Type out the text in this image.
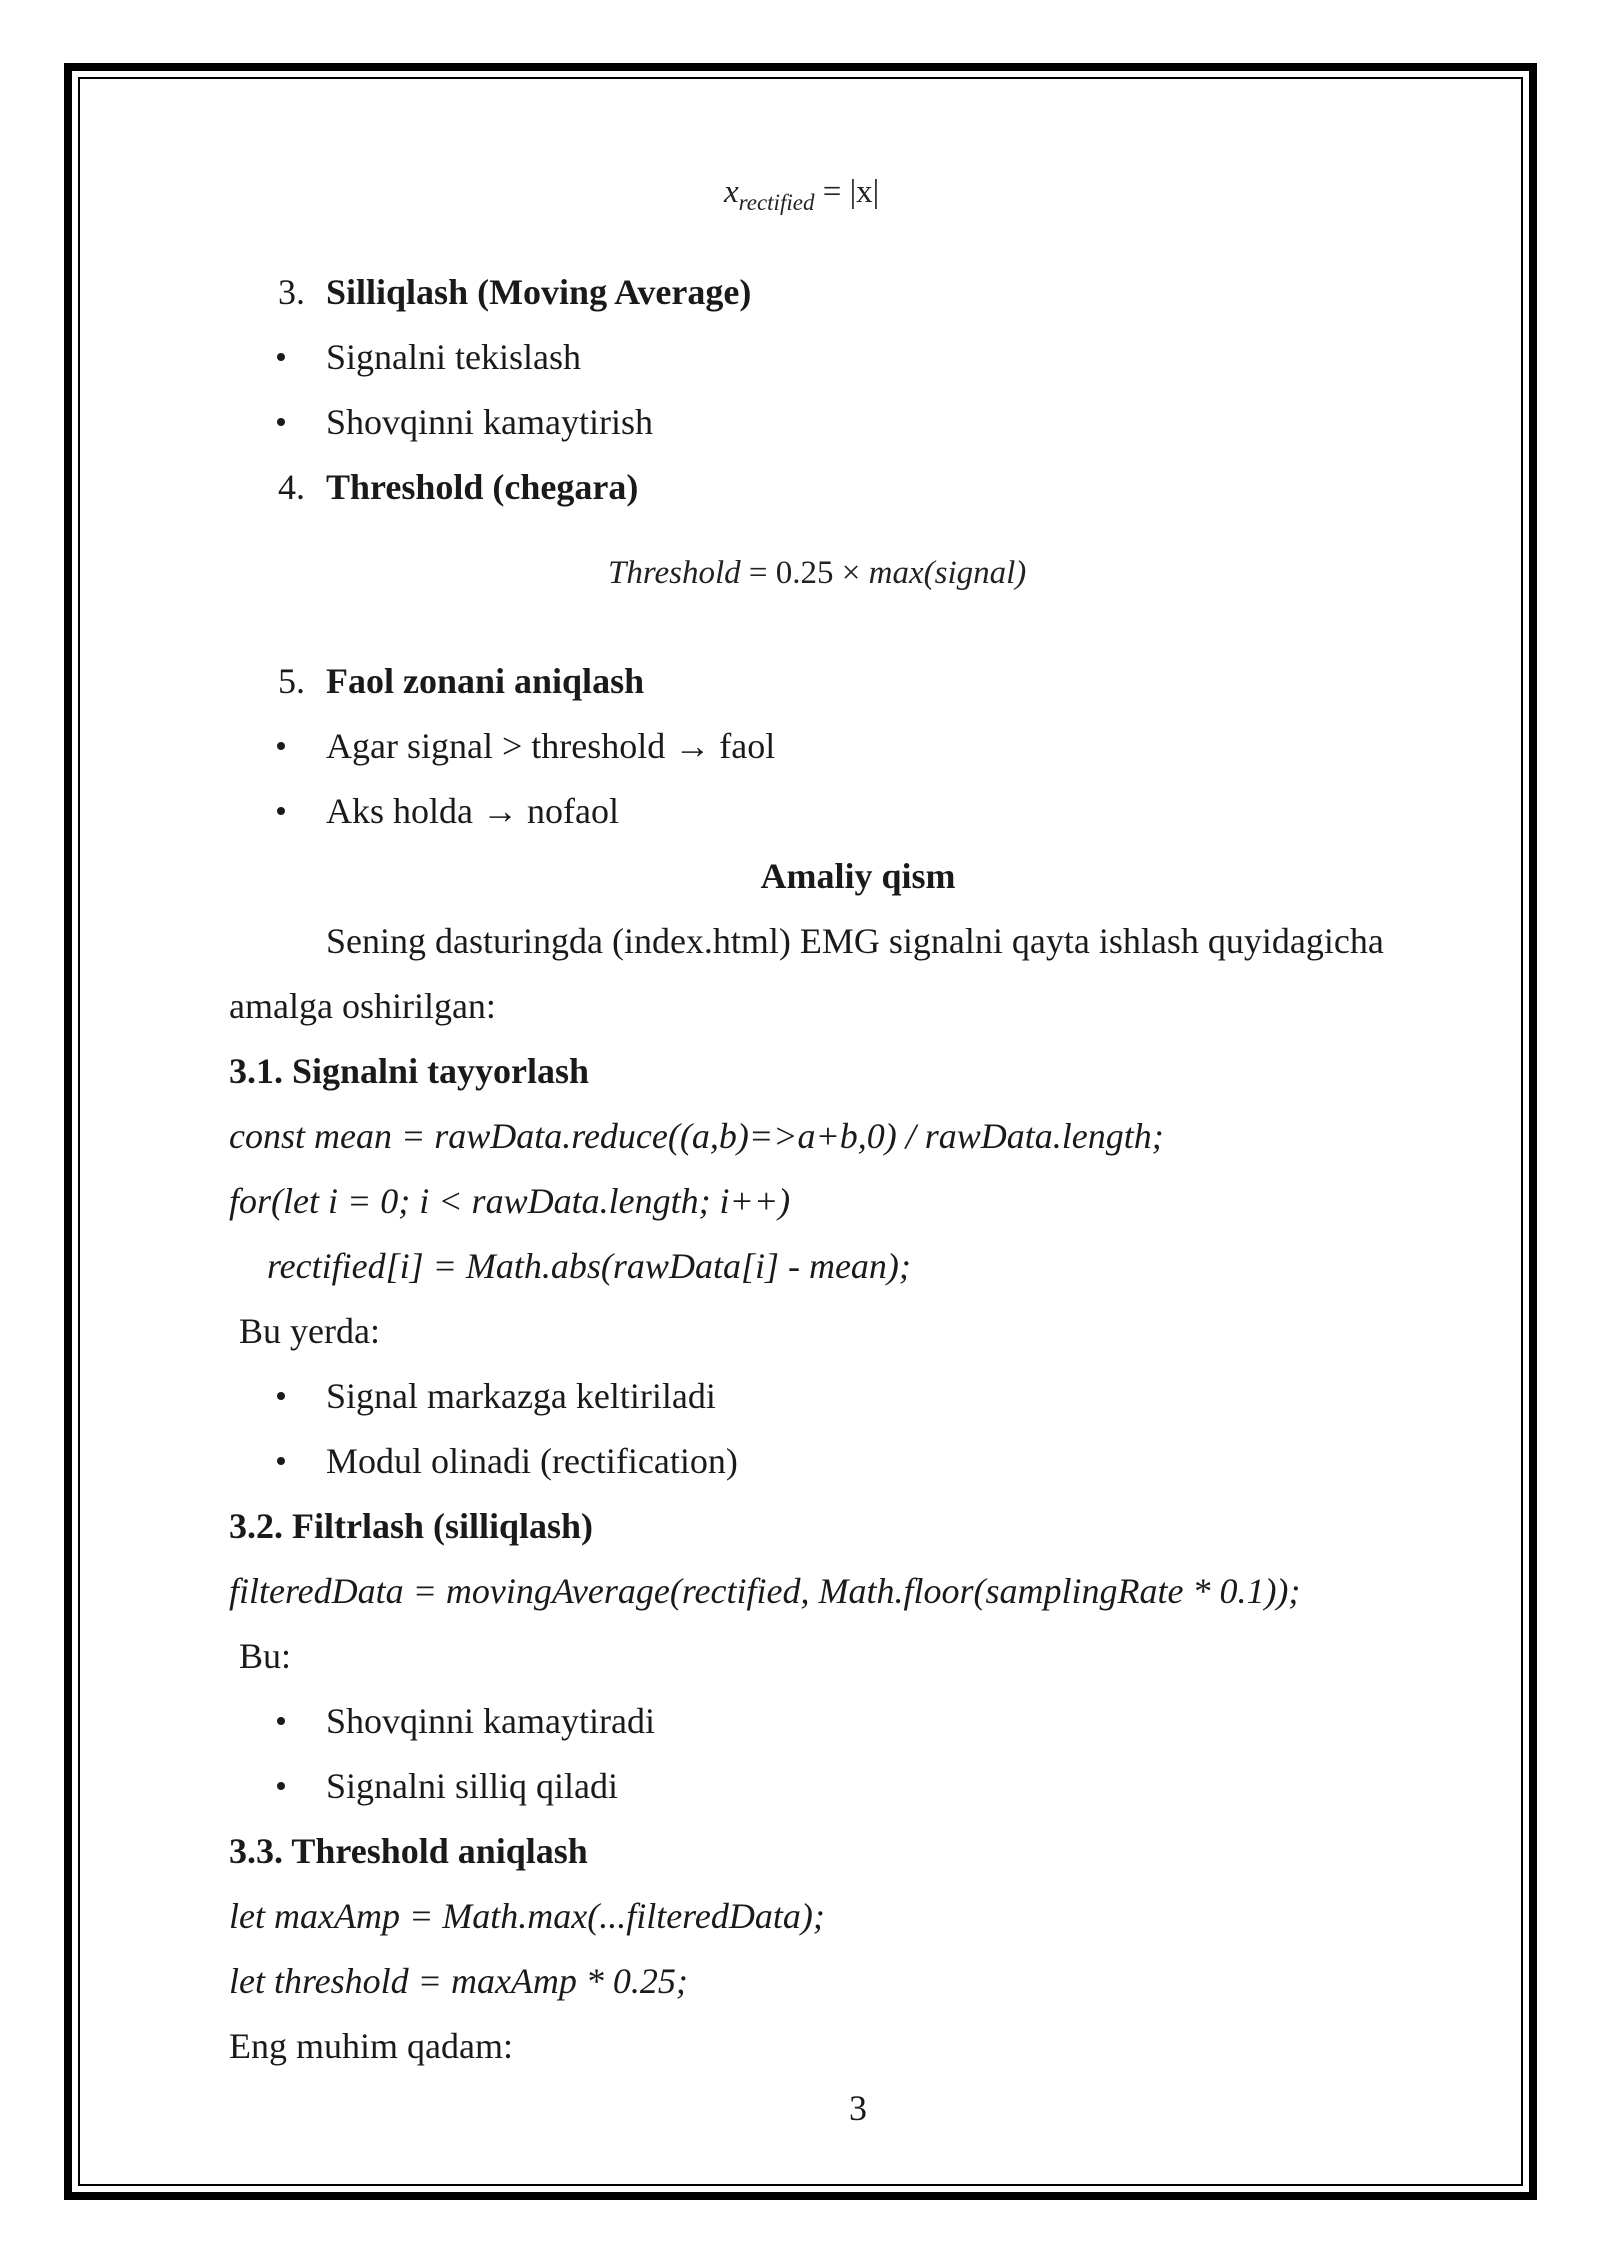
$x_{rectified} = |x|$
3. Silliqlash (Moving Average)
Signalni tekislash
Shovqinni kamaytirish
4. Threshold (chegara)
Threshold = 0.25 × max(signal)
5. Faol zonani aniqlash
Agar signal > threshold → faol
Aks holda → nofaol
Amaliy qism
Sening dasturingda (index.html) EMG signalni qayta ishlash quyidagicha
amalga oshirilgan:
3.1. Signalni tayyorlash
const mean = rawData.reduce((a,b)=>a+b,0) / rawData.length;
for(let i = 0; i < rawData.length; i++)
rectified[i] = Math.abs(rawData[i] - mean);
Bu yerda:
Signal markazga keltiriladi
Modul olinadi (rectification)
3.2. Filtrlash (silliqlash)
filteredData = movingAverage(rectified, Math.floor(samplingRate * 0.1));
Bu:
Shovqinni kamaytiradi
Signalni silliq qiladi
3.3. Threshold aniqlash
let maxAmp = Math.max(...filteredData);
let threshold = maxAmp * 0.25;
Eng muhim qadam:
3
